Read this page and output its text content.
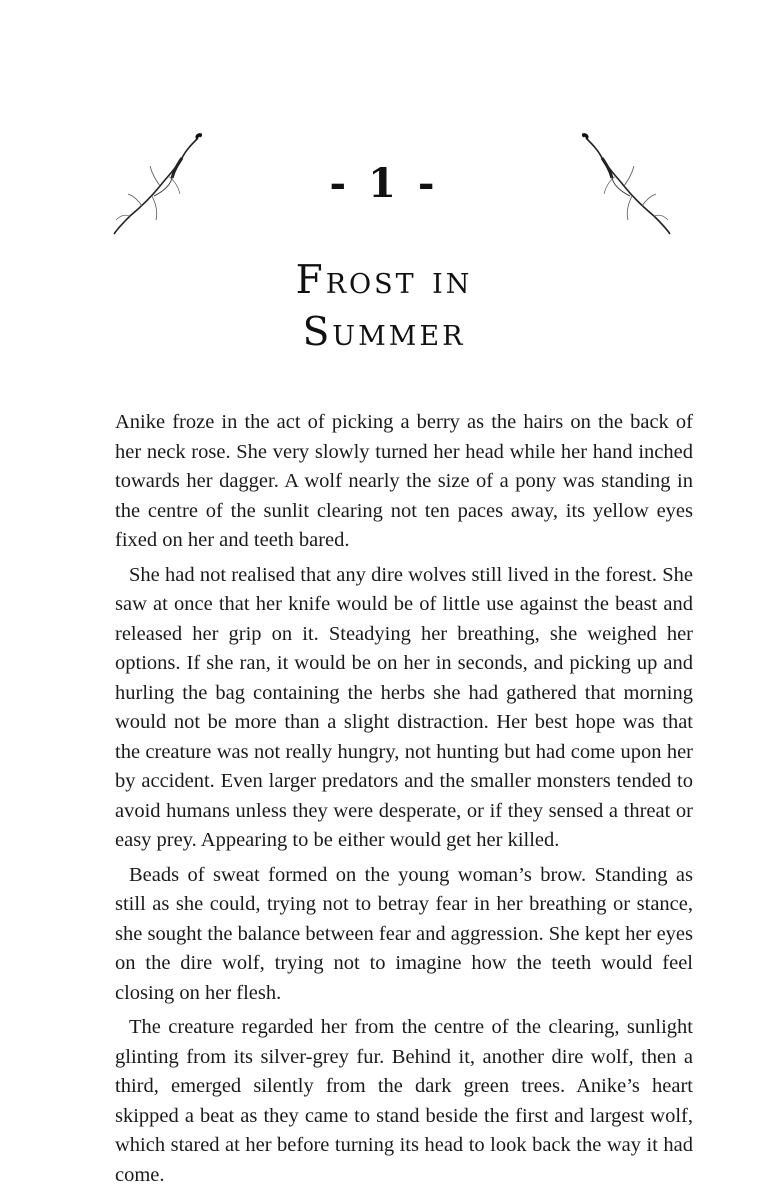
- 1 -
Frost in
Summer

Anike froze in the act of picking a berry as the hairs on the back of her neck rose. She very slowly turned her head while her hand inched towards her dagger. A wolf nearly the size of a pony was standing in the centre of the sunlit clearing not ten paces away, its yellow eyes fixed on her and teeth bared.

She had not realised that any dire wolves still lived in the forest. She saw at once that her knife would be of little use against the beast and released her grip on it. Steadying her breathing, she weighed her options. If she ran, it would be on her in seconds, and picking up and hurling the bag containing the herbs she had gathered that morning would not be more than a slight distraction. Her best hope was that the creature was not really hungry, not hunting but had come upon her by accident. Even larger predators and the smaller monsters tended to avoid humans unless they were desperate, or if they sensed a threat or easy prey. Appearing to be either would get her killed.

Beads of sweat formed on the young woman’s brow. Standing as still as she could, trying not to betray fear in her breathing or stance, she sought the balance between fear and aggression. She kept her eyes on the dire wolf, trying not to imagine how the teeth would feel closing on her flesh.

The creature regarded her from the centre of the clearing, sunlight glinting from its silver-grey fur. Behind it, another dire wolf, then a third, emerged silently from the dark green trees. Anike’s heart skipped a beat as they came to stand beside the first and largest wolf, which stared at her before turning its head to look back the way it had come.
